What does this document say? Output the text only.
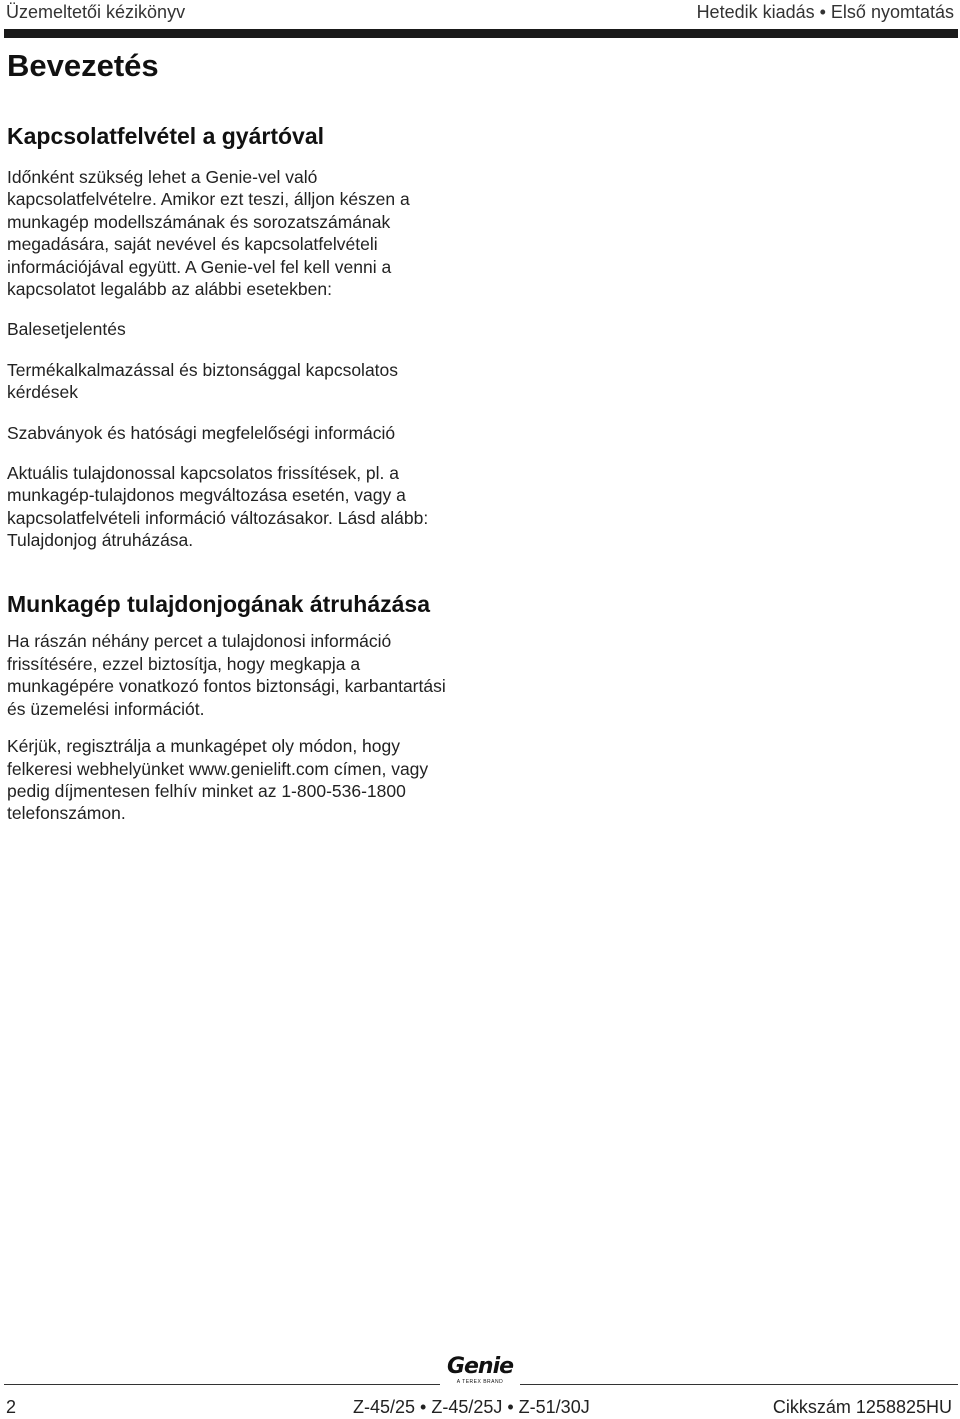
Üzemeltetői kézikönyv	Hetedik kiadás • Első nyomtatás
Bevezetés
Kapcsolatfelvétel a gyártóval

Időnként szükség lehet a Genie-vel való kapcsolatfelvételre. Amikor ezt teszi, álljon készen a munkagép modellszámának és sorozatszámának megadására, saját nevével és kapcsolatfelvételi információjával együtt. A Genie-vel fel kell venni a kapcsolatot legalább az alábbi esetekben:

Balesetjelentés

Termékalkalmazással és biztonsággal kapcsolatos kérdések

Szabványok és hatósági megfelelőségi információ

Aktuális tulajdonossal kapcsolatos frissítések, pl. a munkagép-tulajdonos megváltozása esetén, vagy a kapcsolatfelvételi információ változásakor. Lásd alább: Tulajdonjog átruházása.

Munkagép tulajdonjogának átruházása

Ha rászán néhány percet a tulajdonosi információ frissítésére, ezzel biztosítja, hogy megkapja a munkagépére vonatkozó fontos biztonsági, karbantartási és üzemelési információt.

Kérjük, regisztrálja a munkagépet oly módon, hogy felkeresi webhelyünket www.genielift.com címen, vagy pedig díjmentesen felhív minket az 1-800-536-1800 telefonszámon.

Genie
A TEREX BRAND
2	Z-45/25 • Z-45/25J • Z-51/30J	Cikkszám 1258825HU
